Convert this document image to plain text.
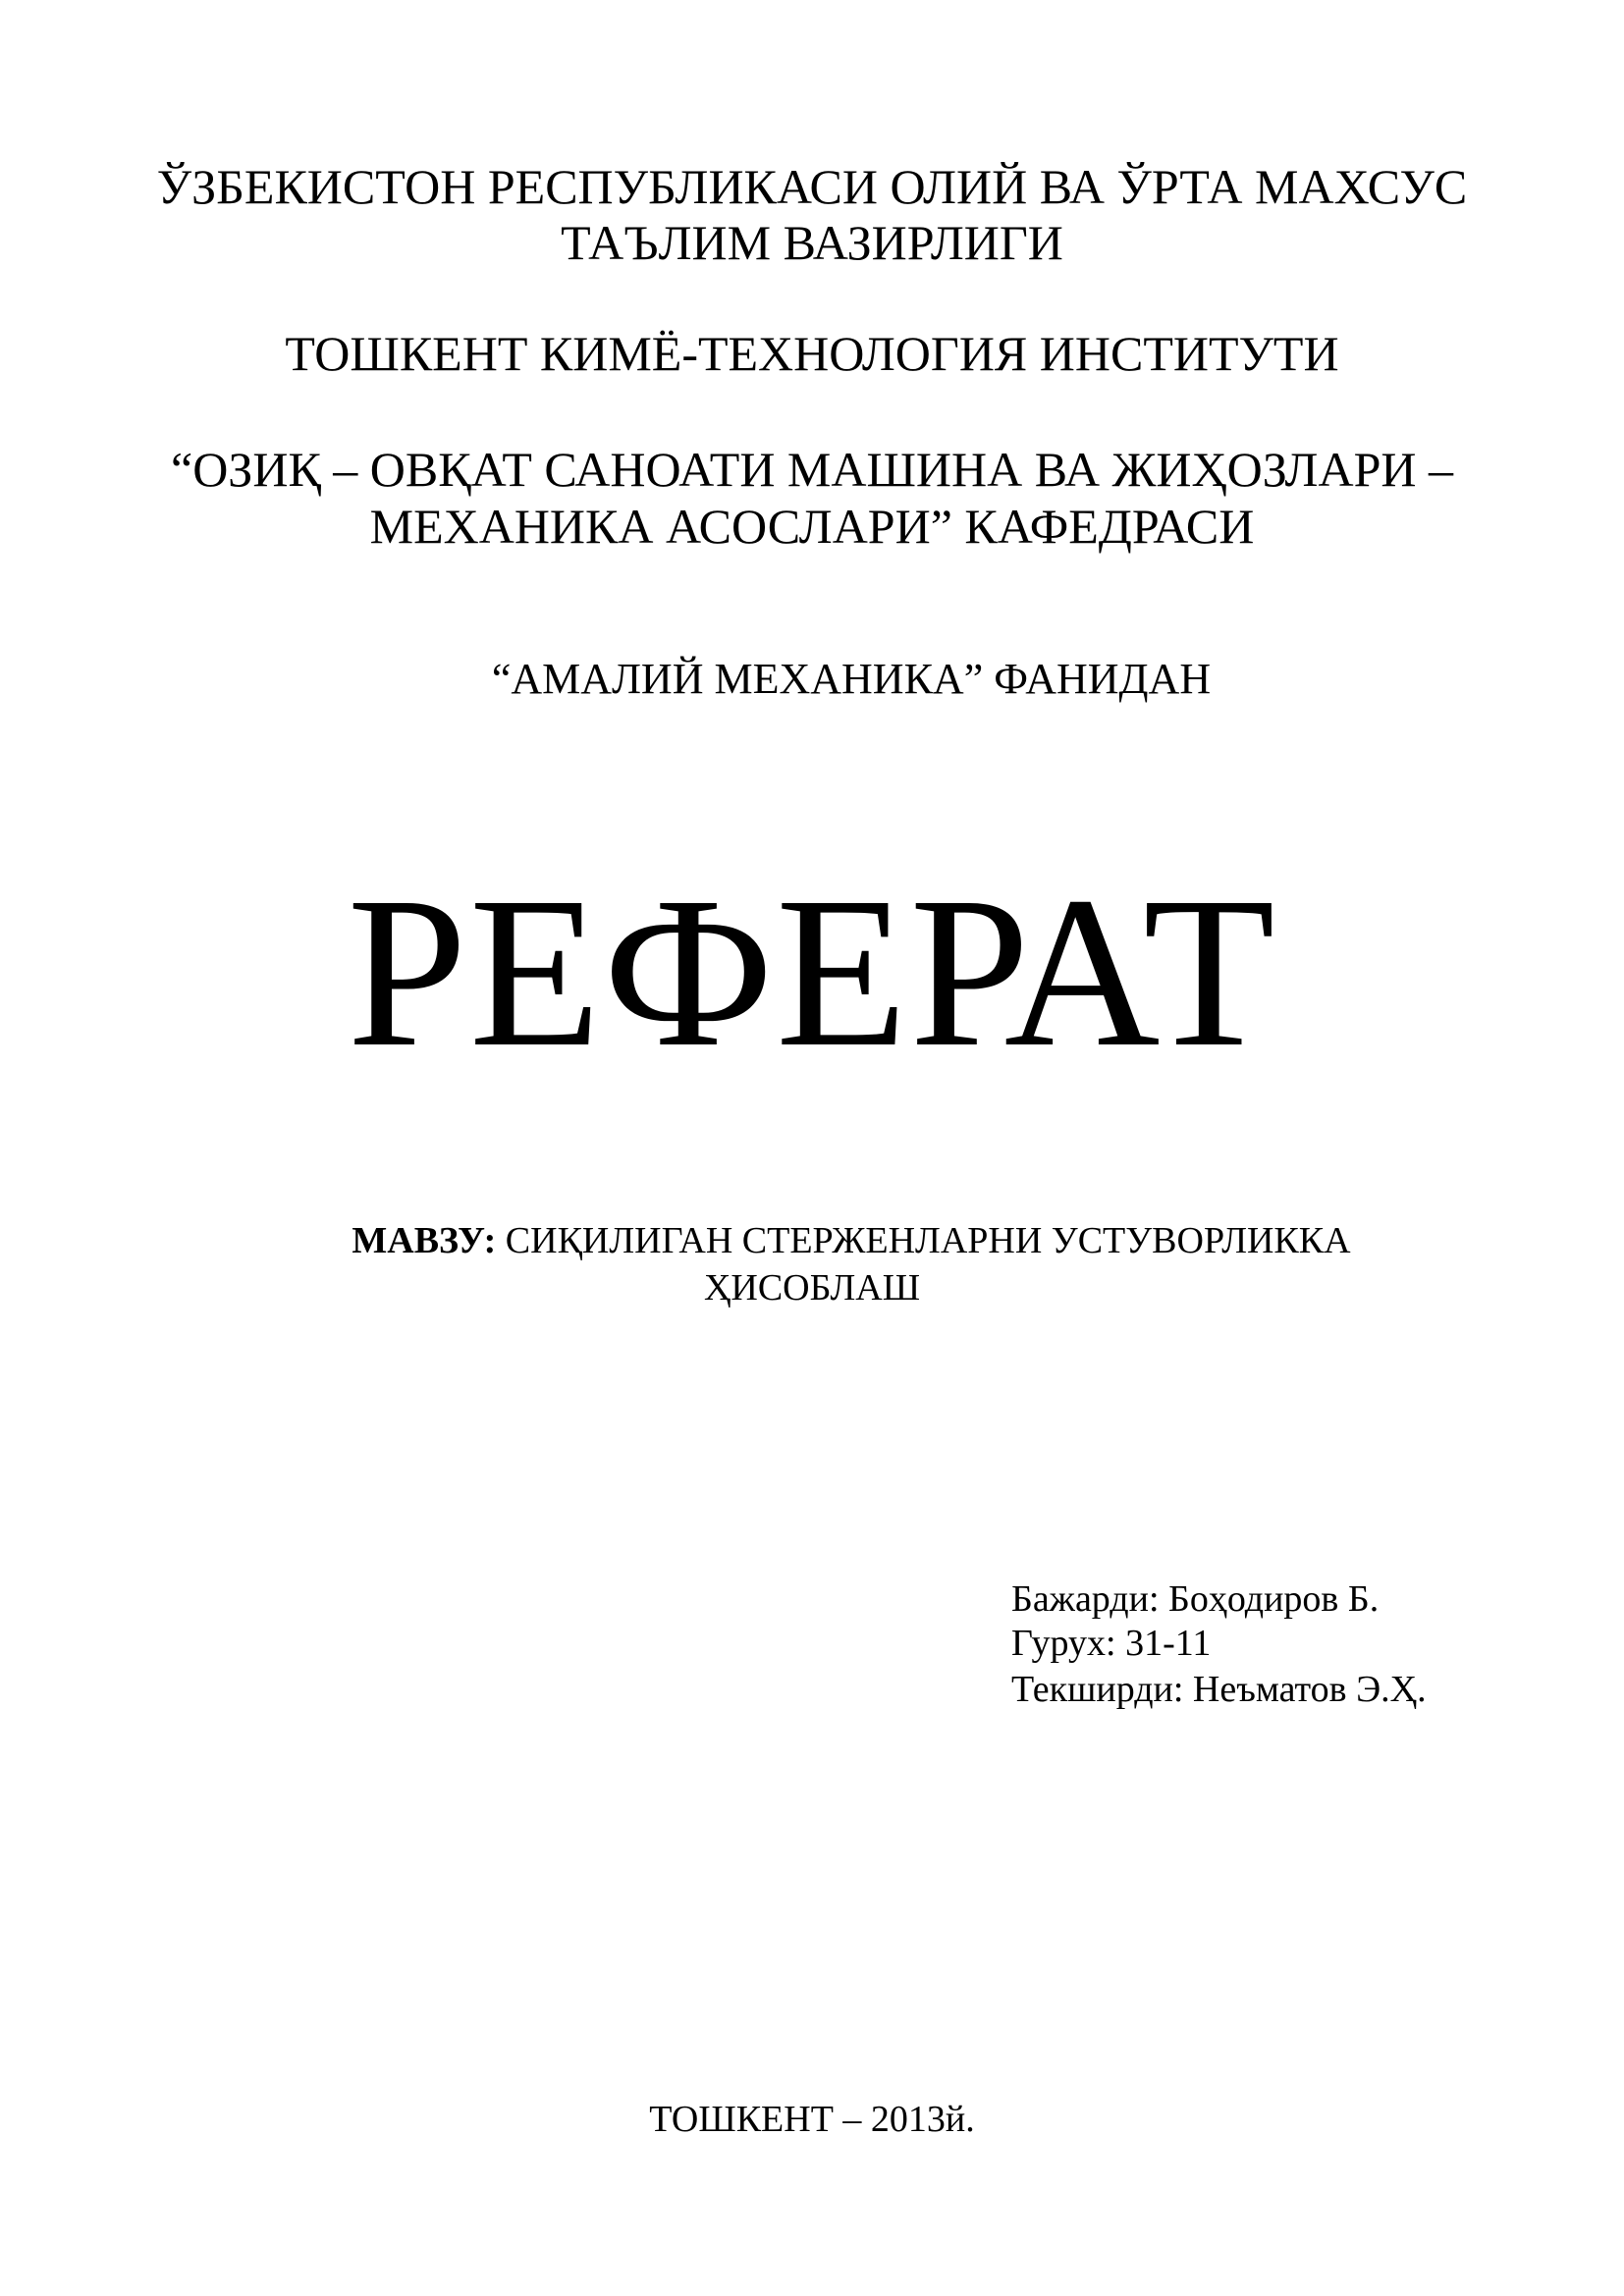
ЎЗБЕКИСТОН РЕСПУБЛИКАСИ ОЛИЙ ВА ЎРТА МАХСУС
ТАЪЛИМ ВАЗИРЛИГИ
ТОШКЕНТ КИМЁ-ТЕХНОЛОГИЯ ИНСТИТУТИ
“ОЗИҚ – ОВҚАТ САНОАТИ МАШИНА ВА ЖИҲОЗЛАРИ –
МЕХАНИКА АСОСЛАРИ” КАФЕДРАСИ
“АМАЛИЙ МЕХАНИКА” ФАНИДАН
РЕФЕРАТ
МАВЗУ: СИҚИЛИГАН СТЕРЖЕНЛАРНИ УСТУВОРЛИККА
ҲИСОБЛАШ
Бажарди: Боҳодиров Б.
Гурух: 31-11
Текширди: Неъматов Э.Ҳ.
ТОШКЕНТ – 2013й.
